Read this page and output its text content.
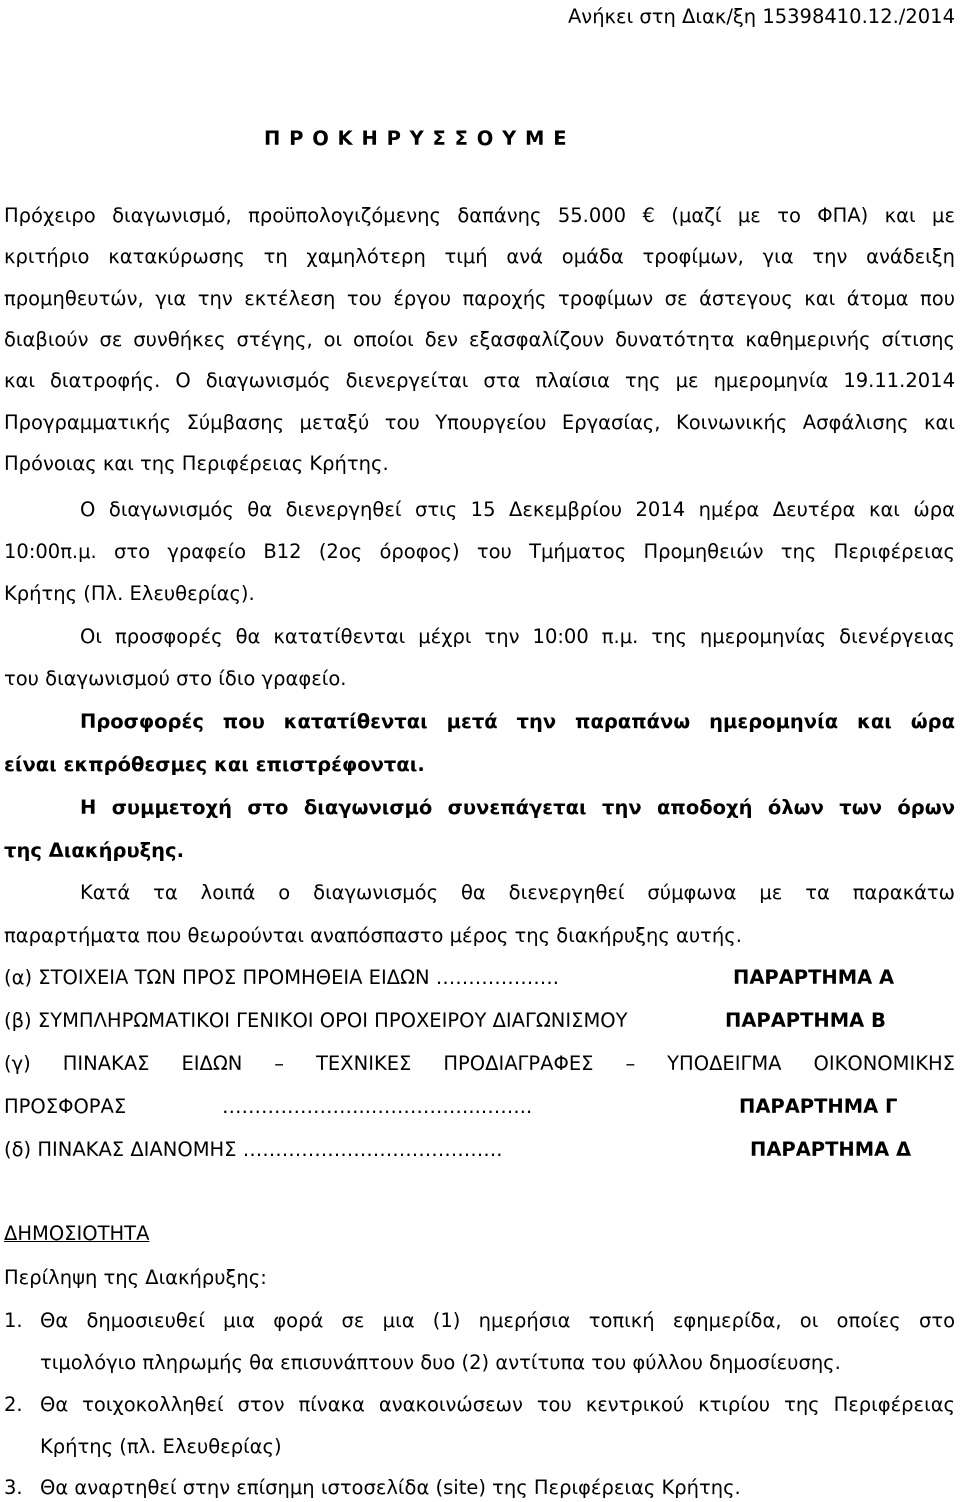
Ανήκει στη Διακ/ξη 15398410.12./2014
Π Ρ Ο Κ Η Ρ Υ Σ Σ Ο Υ Μ Ε
Πρόχειρο διαγωνισμό, προϋπολογιζόμενης δαπάνης 55.000 € (μαζί με το ΦΠΑ) και με
κριτήριο κατακύρωσης τη χαμηλότερη τιμή ανά ομάδα τροφίμων, για την ανάδειξη
προμηθευτών, για την εκτέλεση του έργου παροχής τροφίμων σε άστεγους και άτομα που
διαβιούν σε συνθήκες στέγης, οι οποίοι δεν εξασφαλίζουν δυνατότητα καθημερινής σίτισης
και διατροφής. Ο διαγωνισμός διενεργείται στα πλαίσια της με ημερομηνία 19.11.2014
Προγραμματικής Σύμβασης μεταξύ του Υπουργείου Εργασίας, Κοινωνικής Ασφάλισης και
Πρόνοιας και της Περιφέρειας Κρήτης.
Ο διαγωνισμός θα διενεργηθεί στις 15 Δεκεμβρίου 2014 ημέρα Δευτέρα και ώρα
10:00π.μ. στο γραφείο Β12 (2ος όροφος) του Τμήματος Προμηθειών της Περιφέρειας
Κρήτης (Πλ. Ελευθερίας).
Οι προσφορές θα κατατίθενται μέχρι την 10:00 π.μ. της ημερομηνίας διενέργειας
του διαγωνισμού στο ίδιο γραφείο.
Προσφορές που κατατίθενται μετά την παραπάνω ημερομηνία και ώρα
είναι εκπρόθεσμες και επιστρέφονται.
Η συμμετοχή στο διαγωνισμό συνεπάγεται την αποδοχή όλων των όρων
της Διακήρυξης.
Κατά τα λοιπά ο διαγωνισμός θα διενεργηθεί σύμφωνα με τα παρακάτω
παραρτήματα που θεωρούνται αναπόσπαστο μέρος της διακήρυξης αυτής.
(α) ΣΤΟΙΧΕΙΑ ΤΩΝ ΠΡΟΣ ΠΡΟΜΗΘΕΙΑ ΕΙΔΩΝ ……………….	ΠΑΡΑΡΤΗΜΑ Α
(β) ΣΥΜΠΛΗΡΩΜΑΤΙΚΟΙ ΓΕΝΙΚΟΙ ΟΡΟΙ ΠΡΟΧΕΙΡΟΥ ΔΙΑΓΩΝΙΣΜΟΥ	ΠΑΡΑΡΤΗΜΑ Β
(γ) ΠΙΝΑΚΑΣ ΕΙΔΩΝ – ΤΕΧΝΙΚΕΣ ΠΡΟΔΙΑΓΡΑΦΕΣ – ΥΠΟΔΕΙΓΜΑ ΟΙΚΟΝΟΜΙΚΗΣ
ΠΡΟΣΦΟΡΑΣ	…………………..……………..……..	ΠΑΡΑΡΤΗΜΑ Γ
(δ) ΠΙΝΑΚΑΣ ΔΙΑΝΟΜΗΣ ………………………………….	ΠΑΡΑΡΤΗΜΑ Δ
ΔΗΜΟΣΙΟΤΗΤΑ
Περίληψη της Διακήρυξης:
1. Θα δημοσιευθεί μια φορά σε μια (1) ημερήσια τοπική εφημερίδα, οι οποίες στο
τιμολόγιο πληρωμής θα επισυνάπτουν δυο (2) αντίτυπα του φύλλου δημοσίευσης.
2. Θα τοιχοκολληθεί στον πίνακα ανακοινώσεων του κεντρικού κτιρίου της Περιφέρειας
Κρήτης (πλ. Ελευθερίας)
3. Θα αναρτηθεί στην επίσημη ιστοσελίδα (site) της Περιφέρειας Κρήτης.
